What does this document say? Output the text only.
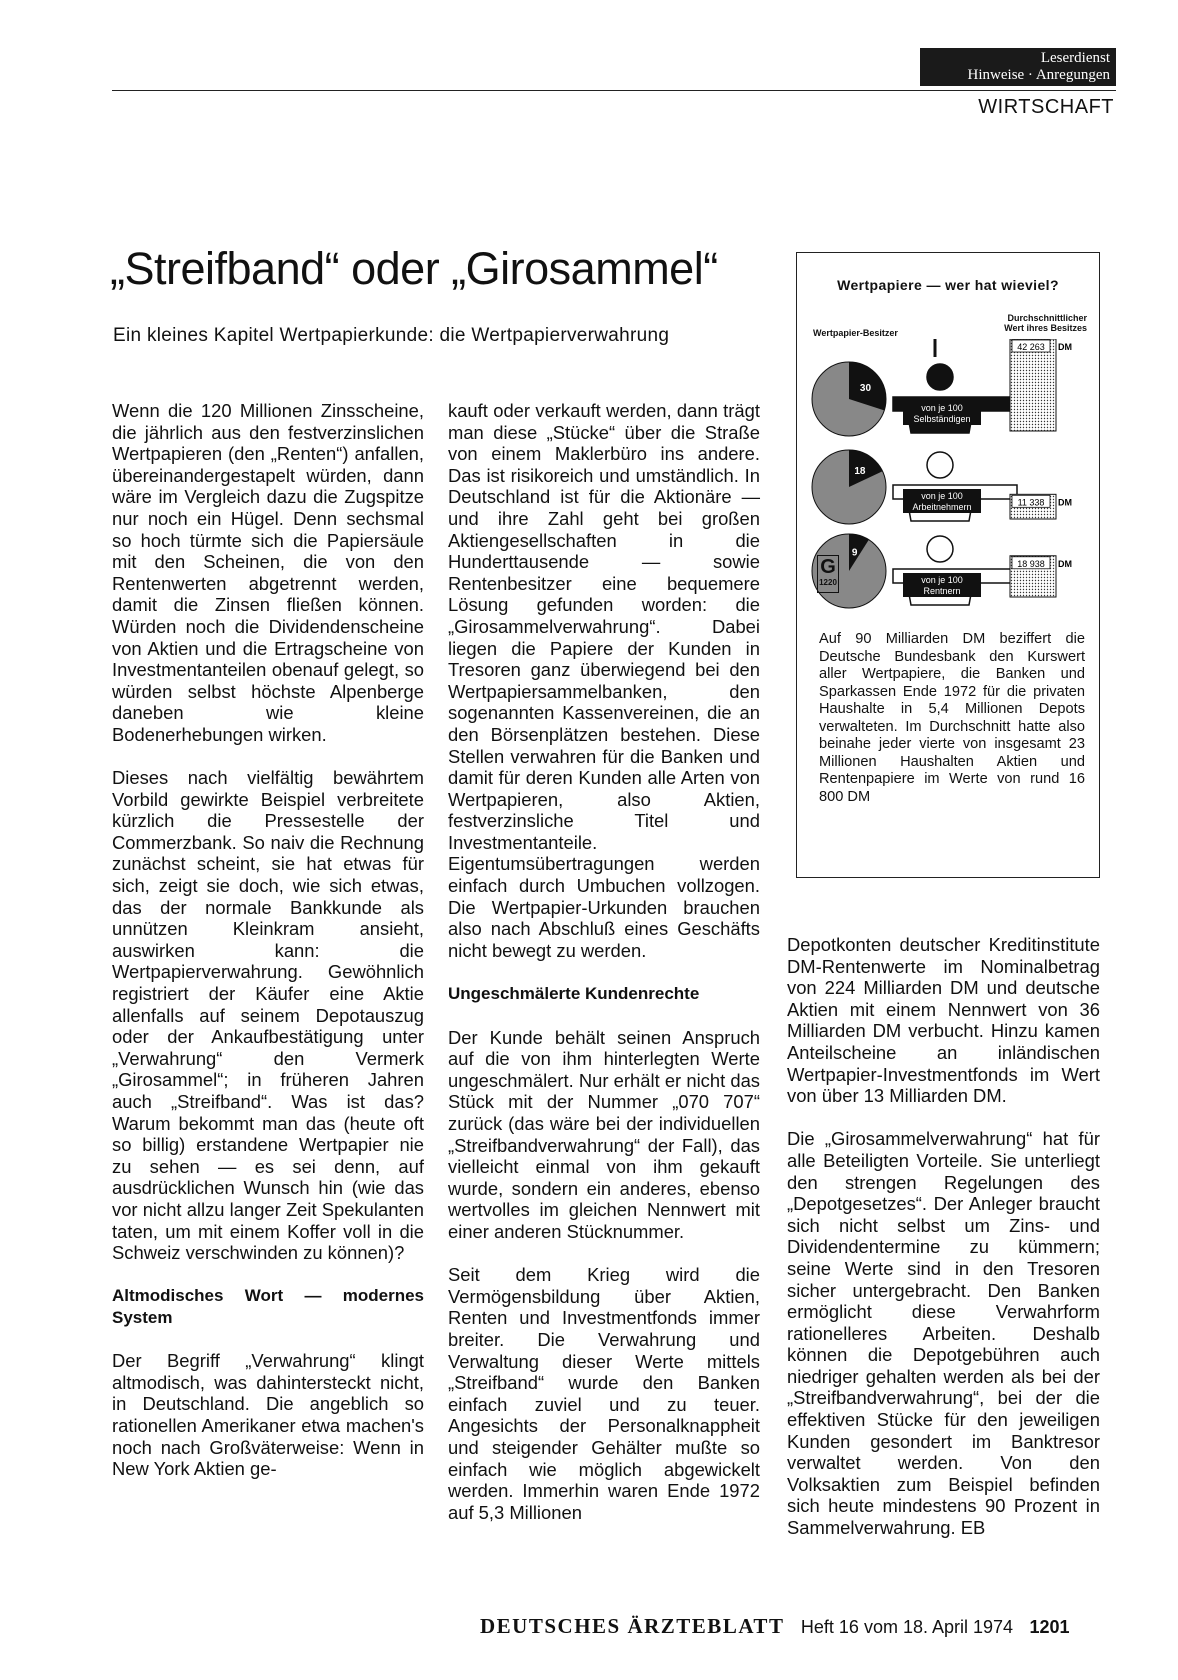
Leserdienst
Hinweise · Anregungen
WIRTSCHAFT
„Streifband“ oder „Girosammel“

Ein kleines Kapitel Wertpapierkunde: die Wertpapierverwahrung

Wenn die 120 Millionen Zinsscheine, die jährlich aus den festverzinslichen Wertpapieren (den „Renten“) anfallen, übereinandergestapelt würden, dann wäre im Vergleich dazu die Zugspitze nur noch ein Hügel. Denn sechsmal so hoch türmte sich die Papiersäule mit den Scheinen, die von den Rentenwerten abgetrennt werden, damit die Zinsen fließen können. Würden noch die Dividendenscheine von Aktien und die Ertragscheine von Investmentanteilen obenauf gelegt, so würden selbst höchste Alpenberge daneben wie kleine Bodenerhebungen wirken.

Dieses nach vielfältig bewährtem Vorbild gewirkte Beispiel verbreitete kürzlich die Pressestelle der Commerzbank. So naiv die Rechnung zunächst scheint, sie hat etwas für sich, zeigt sie doch, wie sich etwas, das der normale Bankkunde als unnützen Kleinkram ansieht, auswirken kann: die Wertpapierverwahrung. Gewöhnlich registriert der Käufer eine Aktie allenfalls auf seinem Depotauszug oder der Ankaufbestätigung unter „Verwahrung“ den Vermerk „Girosammel“; in früheren Jahren auch „Streifband“. Was ist das? Warum bekommt man das (heute oft so billig) erstandene Wertpapier nie zu sehen — es sei denn, auf ausdrücklichen Wunsch hin (wie das vor nicht allzu langer Zeit Spekulanten taten, um mit einem Koffer voll in die Schweiz verschwinden zu können)?

Altmodisches Wort — modernes System

Der Begriff „Verwahrung“ klingt altmodisch, was dahintersteckt nicht, in Deutschland. Die angeblich so rationellen Amerikaner etwa machen's noch nach Großväterweise: Wenn in New York Aktien ge-

kauft oder verkauft werden, dann trägt man diese „Stücke“ über die Straße von einem Maklerbüro ins andere. Das ist risikoreich und umständlich. In Deutschland ist für die Aktionäre — und ihre Zahl geht bei großen Aktiengesellschaften in die Hunderttausende — sowie Rentenbesitzer eine bequemere Lösung gefunden worden: die „Girosammelverwahrung“. Dabei liegen die Papiere der Kunden in Tresoren ganz überwiegend bei den Wertpapiersammelbanken, den sogenannten Kassenvereinen, die an den Börsenplätzen bestehen. Diese Stellen verwahren für die Banken und damit für deren Kunden alle Arten von Wertpapieren, also Aktien, festverzinsliche Titel und Investmentanteile. Eigentumsübertragungen werden einfach durch Umbuchen vollzogen. Die Wertpapier-Urkunden brauchen also nach Abschluß eines Geschäfts nicht bewegt zu werden.

Ungeschmälerte Kundenrechte

Der Kunde behält seinen Anspruch auf die von ihm hinterlegten Werte ungeschmälert. Nur erhält er nicht das Stück mit der Nummer „070 707“ zurück (das wäre bei der individuellen „Streifbandverwahrung“ der Fall), das vielleicht einmal von ihm gekauft wurde, sondern ein anderes, ebenso wertvolles im gleichen Nennwert mit einer anderen Stücknummer.

Seit dem Krieg wird die Vermögensbildung über Aktien, Renten und Investmentfonds immer breiter. Die Verwahrung und Verwaltung dieser Werte mittels „Streifband“ wurde den Banken einfach zuviel und zu teuer. Angesichts der Personalknappheit und steigender Gehälter mußte so einfach wie möglich abgewickelt werden. Immerhin waren Ende 1972 auf 5,3 Millionen

Depotkonten deutscher Kreditinstitute DM-Rentenwerte im Nominalbetrag von 224 Milliarden DM und deutsche Aktien mit einem Nennwert von 36 Milliarden DM verbucht. Hinzu kamen Anteilscheine an inländischen Wertpapier-Investmentfonds im Wert von über 13 Milliarden DM.

Die „Girosammelverwahrung“ hat für alle Beteiligten Vorteile. Sie unterliegt den strengen Regelungen des „Depotgesetzes“. Der Anleger braucht sich nicht selbst um Zins- und Dividendentermine zu kümmern; seine Werte sind in den Tresoren sicher untergebracht. Den Banken ermöglicht diese Verwahrform rationelleres Arbeiten. Deshalb können die Depotgebühren auch niedriger gehalten werden als bei der „Streifbandverwahrung“, bei der die effektiven Stücke für den jeweiligen Kunden gesondert im Banktresor verwaltet werden. Von den Volksaktien zum Beispiel befinden sich heute mindestens 90 Prozent in Sammelverwahrung. EB

Wertpapiere — wer hat wieviel?
Wertpapier-Besitzer
Durchschnittlicher
Wert ihres Besitzes
30
von je 100
Selbständigen
42 263 DM
18
von je 100
Arbeitnehmern	11 338 DM
9
von je 100
Rentnern
18 938 DM
G
1220
Auf 90 Milliarden DM beziffert die Deutsche Bundesbank den Kurswert aller Wertpapiere, die Banken und Sparkassen Ende 1972 für die privaten Haushalte in 5,4 Millionen Depots verwalteten. Im Durchschnitt hatte also beinahe jeder vierte von insgesamt 23 Millionen Haushalten Aktien und Rentenpapiere im Werte von rund 16 800 DM
DEUTSCHES ÄRZTEBLATT Heft 16 vom 18. April 1974 1201
